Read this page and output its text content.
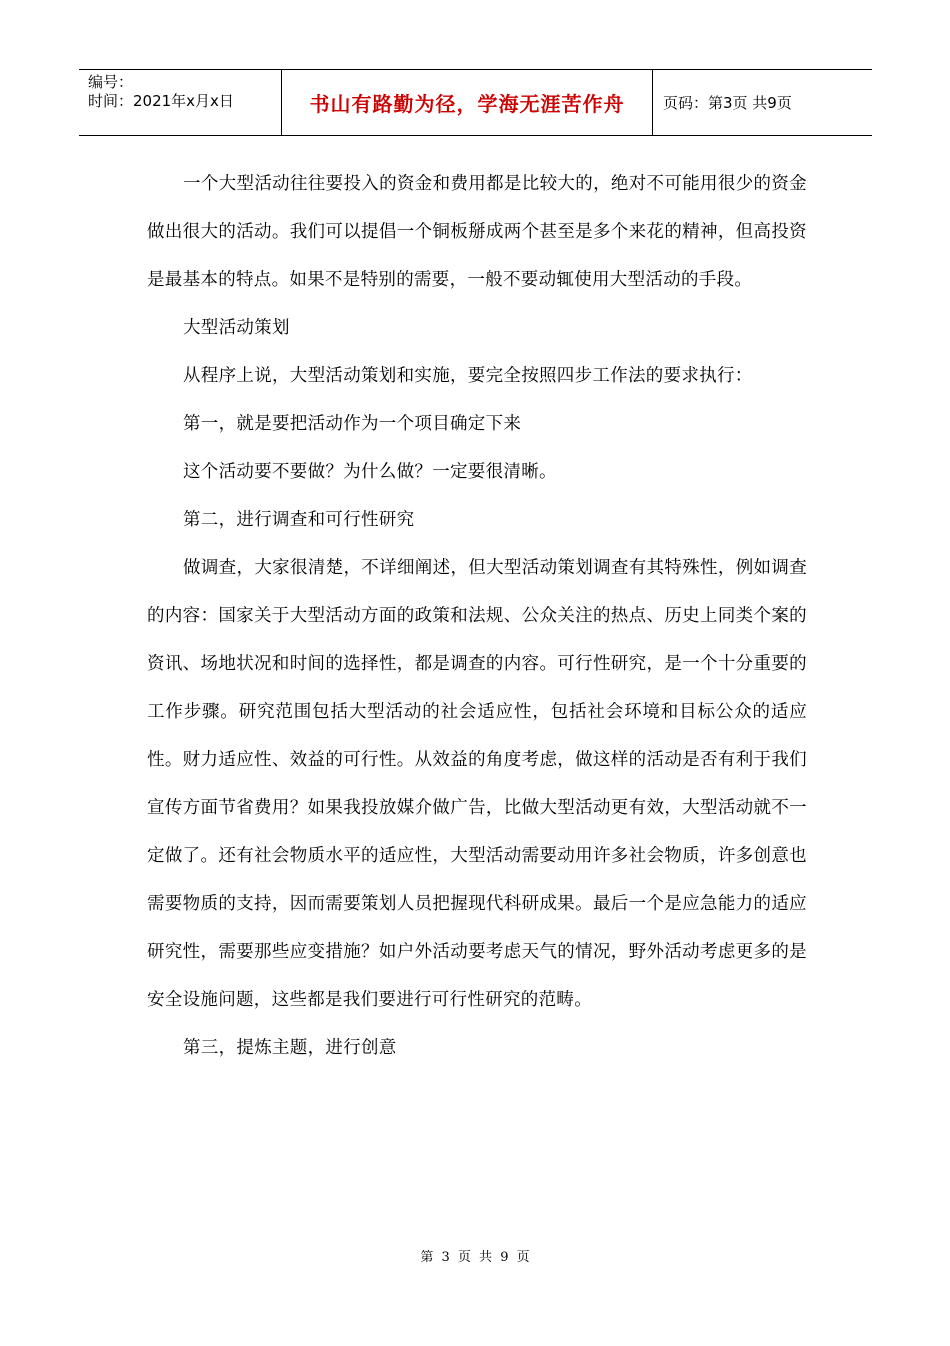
编号：
时间：2021年x月x日	书山有路勤为径，学海无涯苦作舟	页码：第3页 共9页

一个大型活动往往要投入的资金和费用都是比较大的，绝对不可能用很少的资金做出很大的活动。我们可以提倡一个铜板掰成两个甚至是多个来花的精神，但高投资是最基本的特点。如果不是特别的需要，一般不要动辄使用大型活动的手段。

大型活动策划

从程序上说，大型活动策划和实施，要完全按照四步工作法的要求执行：

第一，就是要把活动作为一个项目确定下来

这个活动要不要做？为什么做？一定要很清晰。

第二，进行调查和可行性研究

做调查，大家很清楚，不详细阐述，但大型活动策划调查有其特殊性，例如调查的内容：国家关于大型活动方面的政策和法规、公众关注的热点、历史上同类个案的资讯、场地状况和时间的选择性，都是调查的内容。可行性研究，是一个十分重要的工作步骤。研究范围包括大型活动的社会适应性，包括社会环境和目标公众的适应性。财力适应性、效益的可行性。从效益的角度考虑，做这样的活动是否有利于我们宣传方面节省费用？如果我投放媒介做广告，比做大型活动更有效，大型活动就不一定做了。还有社会物质水平的适应性，大型活动需要动用许多社会物质，许多创意也需要物质的支持，因而需要策划人员把握现代科研成果。最后一个是应急能力的适应研究性，需要那些应变措施？如户外活动要考虑天气的情况，野外活动考虑更多的是安全设施问题，这些都是我们要进行可行性研究的范畴。

第三，提炼主题，进行创意

第 3 页 共 9 页
